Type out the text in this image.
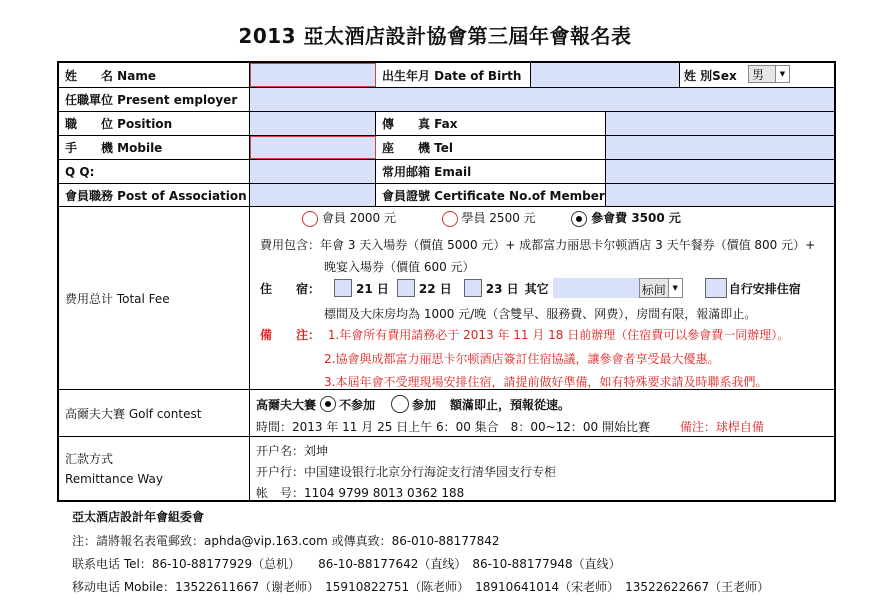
2013 亞太酒店設計協會第三屆年會報名表
姓　　名 Name	出生年月 Date of Birth	姓 別Sex	男	▼
任職單位 Present employer
職　　位 Position	傳　　真 Fax
手　　機 Mobile	座　　機 Tel
Q Q:	常用邮箱 Email
會員職務 Post of Association	會員證號 Certificate No.of Member
费用总计 Total Fee
會員 2000 元	學員 2500 元	參會費 3500 元
費用包含：年會 3 天入場券（價值 5000 元）+ 成都富力丽思卡尔顿酒店 3 天午餐券（價值 800 元）+
晚宴入場券（價值 600 元）
住　　宿：	21 日	22 日	23 日 其它	标间 ▼	自行安排住宿
標間及大床房均為 1000 元/晚（含雙早、服務費、网费），房間有限，報滿即止。
備　　注： 1.年會所有費用請務必于 2013 年 11 月 18 日前辦理（住宿費可以參會費一同辦理）。
2.協會與成都富力丽思卡尔顿酒店簽訂住宿協議，讓參會者享受最大優惠。
3.本屆年會不受理現場安排住宿，請提前做好準備，如有特殊要求請及時聯系我們。
高爾夫大賽 Golf contest
高爾夫大賽 不参加	参加 額滿即止，預報從速。
時間：2013 年 11 月 25 日上午 6：00 集合　8：00~12：00 開始比賽 備注：球桿自備
汇款方式
Remittance Way
开户名：刘坤
开户行：中国建设银行北京分行海淀支行清华园支行专柜
帐　号：1104 9799 8013 0362 188
亞太酒店設計年會組委會
注：請將報名表電郵致：aphda@vip.163.com 或傳真致：86-010-88177842
联系电话 Tel：86-10-88177929（总机）　　86-10-88177642（直线）　86-10-88177948（直线）
移动电话 Mobile：13522611667（谢老师）　15910822751（陈老师）　18910641014（宋老师）　13522622667（王老师）
